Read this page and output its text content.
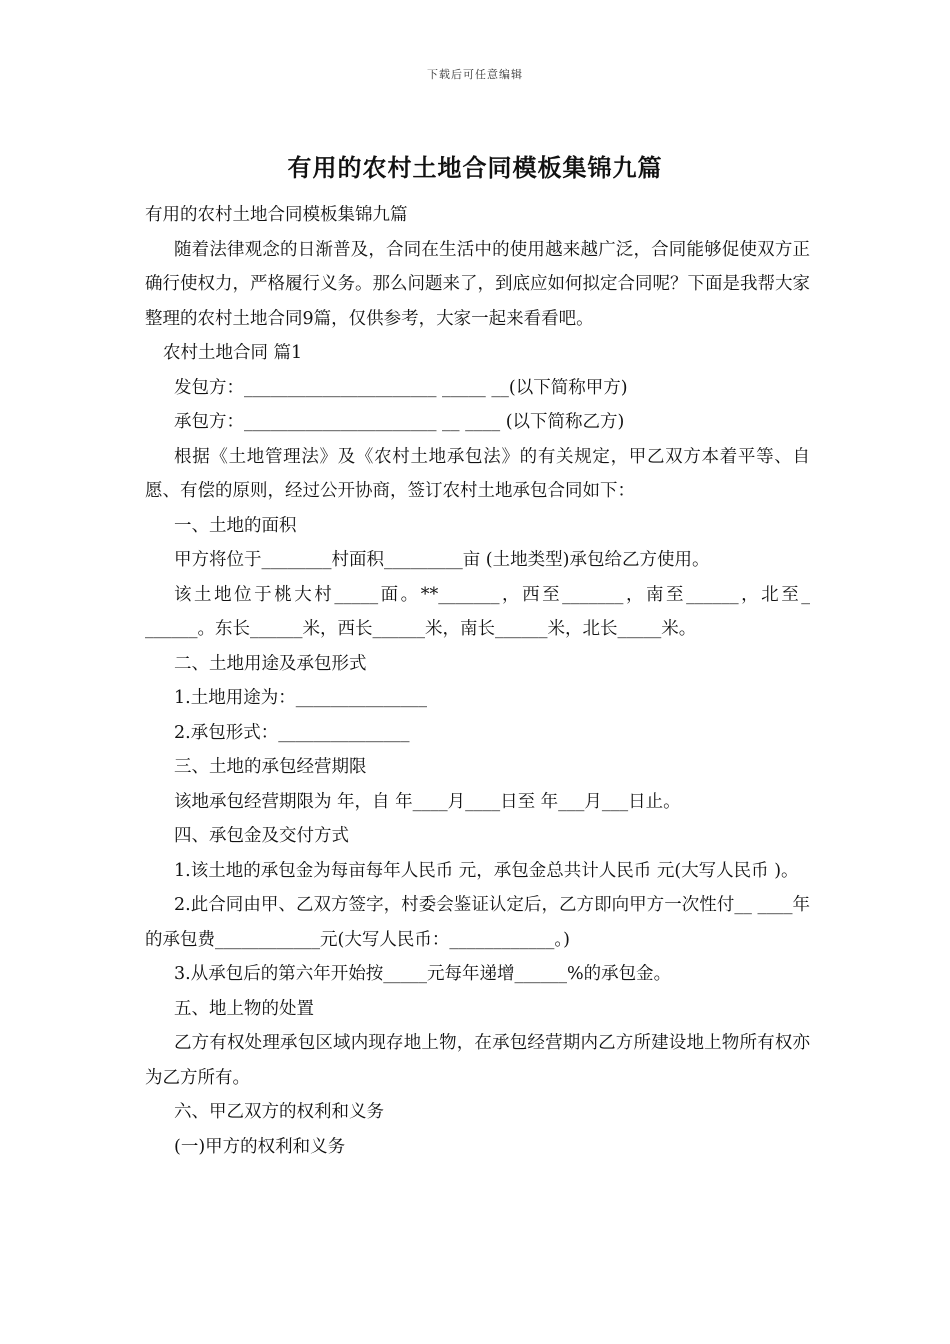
下载后可任意编辑
有用的农村土地合同模板集锦九篇

有用的农村土地合同模板集锦九篇

随着法律观念的日渐普及，合同在生活中的使用越来越广泛，合同能够促使双方正确行使权力，严格履行义务。那么问题来了，到底应如何拟定合同呢？下面是我帮大家整理的农村土地合同9篇，仅供参考，大家一起来看看吧。

农村土地合同 篇1

发包方：______________________ _____ __(以下简称甲方)

承包方：______________________ __ ____ (以下简称乙方)

根据《土地管理法》及《农村土地承包法》的有关规定，甲乙双方本着平等、自愿、有偿的原则，经过公开协商，签订农村土地承包合同如下：

一、土地的面积

甲方将位于________村面积_________亩 (土地类型)承包给乙方使用。

该土地位于桃大村_____面。**_______，西至_______，南至______，北至_ ______。东长______米，西长______米，南长______米，北长_____米。

二、土地用途及承包形式

1.土地用途为：_______________

2.承包形式：_______________

三、土地的承包经营期限

该地承包经营期限为 年，自 年____月____日至 年___月___日止。

四、承包金及交付方式

1.该土地的承包金为每亩每年人民币 元，承包金总共计人民币 元(大写人民币 )。

2.此合同由甲、乙双方签字，村委会鉴证认定后，乙方即向甲方一次性付__ ____年的承包费____________元(大写人民币：____________。)

3.从承包后的第六年开始按_____元每年递增______%的承包金。

五、地上物的处置

乙方有权处理承包区域内现存地上物，在承包经营期内乙方所建设地上物所有权亦为乙方所有。

六、甲乙双方的权利和义务

(一)甲方的权利和义务
